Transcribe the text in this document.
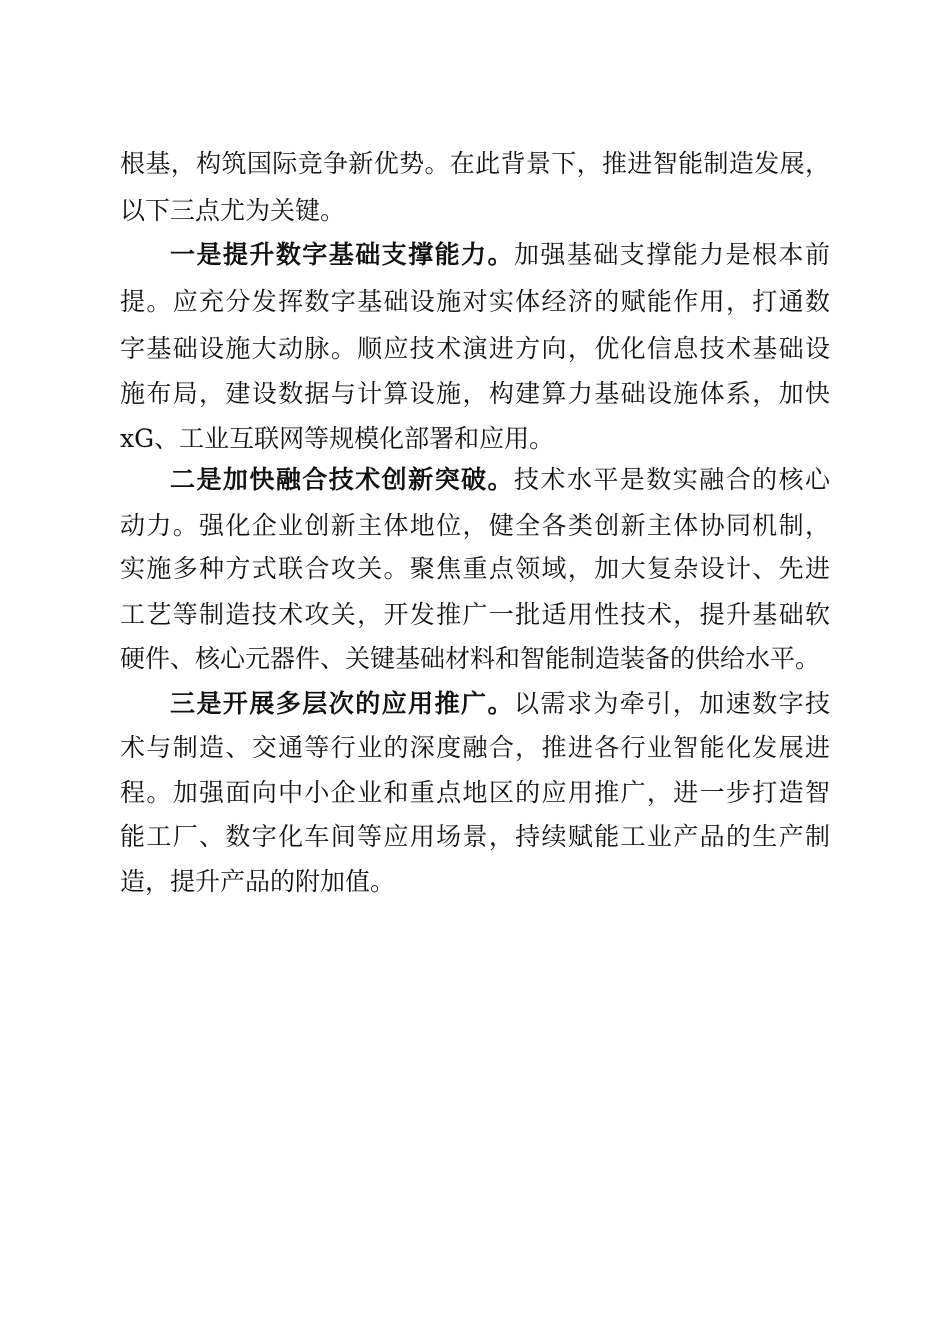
根基，构筑国际竞争新优势。在此背景下，推进智能制造发展，
以下三点尤为关键。
一是提升数字基础支撑能力。加强基础支撑能力是根本前
提。应充分发挥数字基础设施对实体经济的赋能作用，打通数
字基础设施大动脉。顺应技术演进方向，优化信息技术基础设
施布局，建设数据与计算设施，构建算力基础设施体系，加快
xG、工业互联网等规模化部署和应用。
二是加快融合技术创新突破。技术水平是数实融合的核心
动力。强化企业创新主体地位，健全各类创新主体协同机制，
实施多种方式联合攻关。聚焦重点领域，加大复杂设计、先进
工艺等制造技术攻关，开发推广一批适用性技术，提升基础软
硬件、核心元器件、关键基础材料和智能制造装备的供给水平。
三是开展多层次的应用推广。以需求为牵引，加速数字技
术与制造、交通等行业的深度融合，推进各行业智能化发展进
程。加强面向中小企业和重点地区的应用推广，进一步打造智
能工厂、数字化车间等应用场景，持续赋能工业产品的生产制
造，提升产品的附加值。
